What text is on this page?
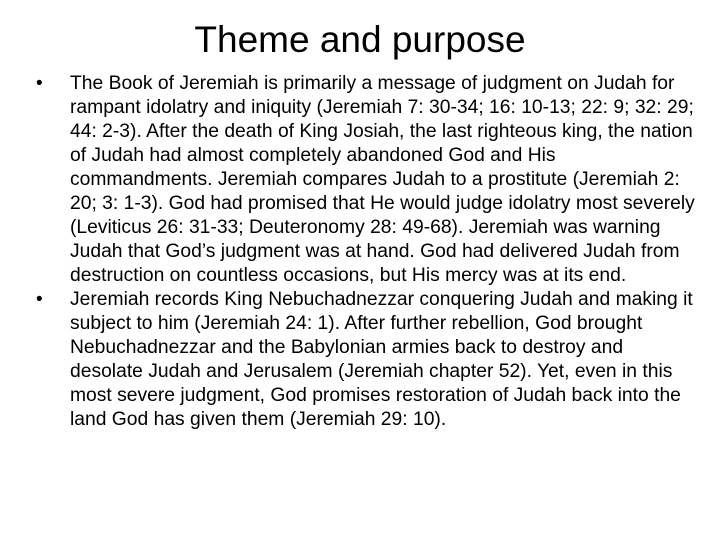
Theme and purpose
•	The Book of Jeremiah is primarily a message of judgment on Judah for rampant idolatry and iniquity (Jeremiah 7: 30-34; 16: 10-13; 22: 9; 32: 29; 44: 2-3). After the death of King Josiah, the last righteous king, the nation of Judah had almost completely abandoned God and His commandments. Jeremiah compares Judah to a prostitute (Jeremiah 2: 20; 3: 1-3). God had promised that He would judge idolatry most severely (Leviticus 26: 31-33; Deuteronomy 28: 49-68). Jeremiah was warning Judah that God’s judgment was at hand. God had delivered Judah from destruction on countless occasions, but His mercy was at its end.
•	Jeremiah records King Nebuchadnezzar conquering Judah and making it subject to him (Jeremiah 24: 1). After further rebellion, God brought Nebuchadnezzar and the Babylonian armies back to destroy and desolate Judah and Jerusalem (Jeremiah chapter 52). Yet, even in this most severe judgment, God promises restoration of Judah back into the land God has given them (Jeremiah 29: 10).
